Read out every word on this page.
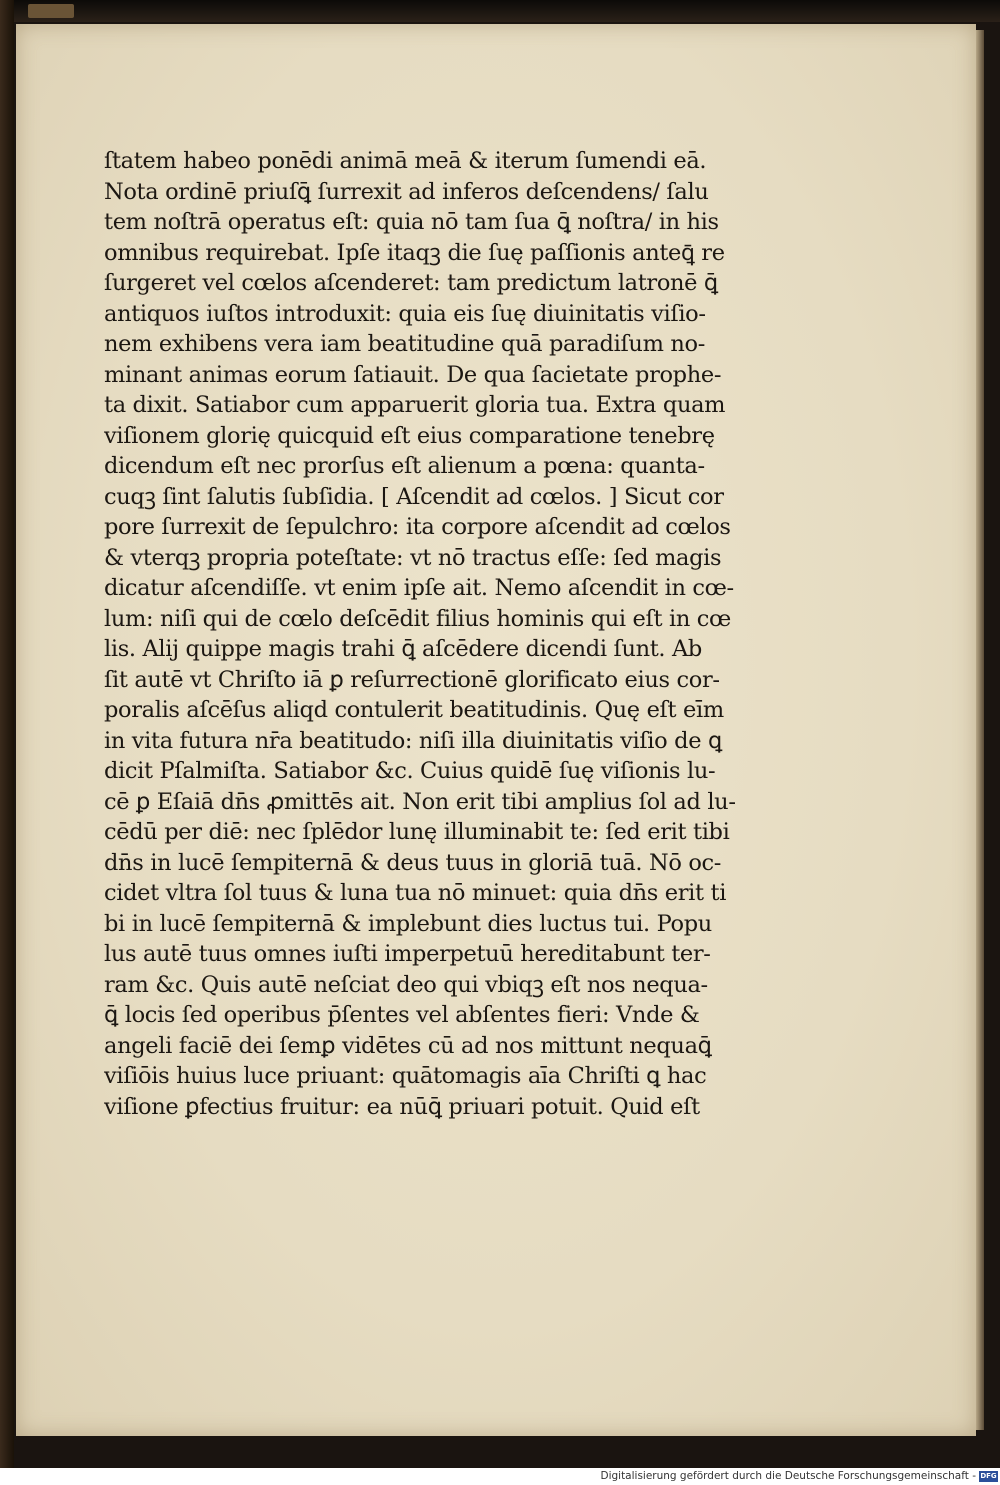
ſtatem habeo ponēdi animā meā & iterum ſumendi eā.
Nota ordinē priuſꝗ̄ ſurrexit ad inferos deſcendens/ ſalu
tem noſtrā operatus eſt: quia nō tam ſua ꝗ̄ noſtra/ in his
omnibus requirebat. Ipſe itaqꝫ die ſuę paſſionis anteꝗ̄ re
ſurgeret vel cœlos aſcenderet: tam predictum latronē ꝗ̄
antiquos iuſtos introduxit: quia eis ſuę diuinitatis viſio-
nem exhibens vera iam beatitudine quā paradiſum no-
minant animas eorum ſatiauit. De qua ſacietate prophe-
ta dixit. Satiabor cum apparuerit gloria tua. Extra quam
viſionem glorię quicquid eſt eius comparatione tenebrę
dicendum eſt nec prorſus eſt alienum a pœna: quanta-
cuqꝫ ſint ſalutis ſubſidia. [ Aſcendit ad cœlos. ] Sicut cor
pore ſurrexit de ſepulchro: ita corpore aſcendit ad cœlos
& vterqꝫ propria poteſtate: vt nō tractus eſſe: ſed magis
dicatur aſcendiſſe. vt enim ipſe ait. Nemo aſcendit in cœ-
lum: niſi qui de cœlo deſcēdit filius hominis qui eſt in cœ
lis. Alij quippe magis trahi ꝗ̄ aſcēdere dicendi ſunt. Ab
ſit autē vt Chriſto iā ꝑ reſurrectionē glorificato eius cor-
poralis aſcēſus aliqd contulerit beatitudinis. Quę eſt eīm
in vita futura nr̄a beatitudo: niſi illa diuinitatis viſio de ꝗ
dicit Pſalmiſta. Satiabor &c. Cuius quidē ſuę viſionis lu-
cē ꝑ Eſaiā dn̄s ꝓmittēs ait. Non erit tibi amplius ſol ad lu-
cēdū per diē: nec ſplēdor lunę illuminabit te: ſed erit tibi
dn̄s in lucē ſempiternā & deus tuus in gloriā tuā. Nō oc-
cidet vltra ſol tuus & luna tua nō minuet: quia dn̄s erit ti
bi in lucē ſempiternā & implebunt dies luctus tui. Popu
lus autē tuus omnes iuſti imperpetuū hereditabunt ter-
ram &c. Quis autē neſciat deo qui vbiqꝫ eſt nos nequa-
ꝗ̄ locis ſed operibus p̄ſentes vel abſentes fieri: Vnde &
angeli faciē dei ſemꝑ vidētes cū ad nos mittunt nequaꝗ̄
viſiōis huius luce priuant: quātomagis aīa Chriſti ꝗ hac
viſione ꝑfectius fruitur: ea nūꝗ̄ priuari potuit. Quid eſt
Digitalisierung gefördert durch die Deutsche Forschungsgemeinschaft - DFG
